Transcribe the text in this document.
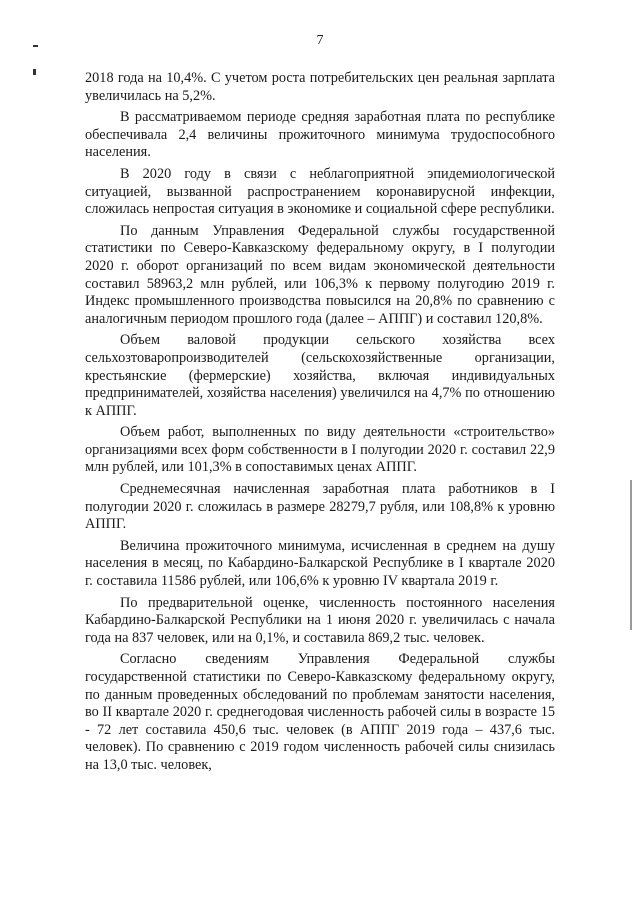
7

2018 года на 10,4%. С учетом роста потребительских цен реальная зарплата увеличилась на 5,2%.

В рассматриваемом периоде средняя заработная плата по республике обеспечивала 2,4 величины прожиточного минимума трудоспособного населения.

В 2020 году в связи с неблагоприятной эпидемиологической ситуацией, вызванной распространением коронавирусной инфекции, сложилась непростая ситуация в экономике и социальной сфере республики.

По данным Управления Федеральной службы государственной статистики по Северо-Кавказскому федеральному округу, в I полугодии 2020 г. оборот организаций по всем видам экономической деятельности составил 58963,2 млн рублей, или 106,3% к первому полугодию 2019 г. Индекс промышленного производства повысился на 20,8% по сравнению с аналогичным периодом прошлого года (далее – АППГ) и составил 120,8%.

Объем валовой продукции сельского хозяйства всех сельхозтоваропроизводителей (сельскохозяйственные организации, крестьянские (фермерские) хозяйства, включая индивидуальных предпринимателей, хозяйства населения) увеличился на 4,7% по отношению к АППГ.

Объем работ, выполненных по виду деятельности «строительство» организациями всех форм собственности в I полугодии 2020 г. составил 22,9 млн рублей, или 101,3% в сопоставимых ценах АППГ.

Среднемесячная начисленная заработная плата работников в I полугодии 2020 г. сложилась в размере 28279,7 рубля, или 108,8% к уровню АППГ.

Величина прожиточного минимума, исчисленная в среднем на душу населения в месяц, по Кабардино-Балкарской Республике в I квартале 2020 г. составила 11586 рублей, или 106,6% к уровню IV квартала 2019 г.

По предварительной оценке, численность постоянного населения Кабардино-Балкарской Республики на 1 июня 2020 г. увеличилась с начала года на 837 человек, или на 0,1%, и составила 869,2 тыс. человек.

Согласно сведениям Управления Федеральной службы государственной статистики по Северо-Кавказскому федеральному округу, по данным проведенных обследований по проблемам занятости населения, во II квартале 2020 г. среднегодовая численность рабочей силы в возрасте 15 - 72 лет составила 450,6 тыс. человек (в АППГ 2019 года – 437,6 тыс. человек). По сравнению с 2019 годом численность рабочей силы снизилась на 13,0 тыс. человек,
